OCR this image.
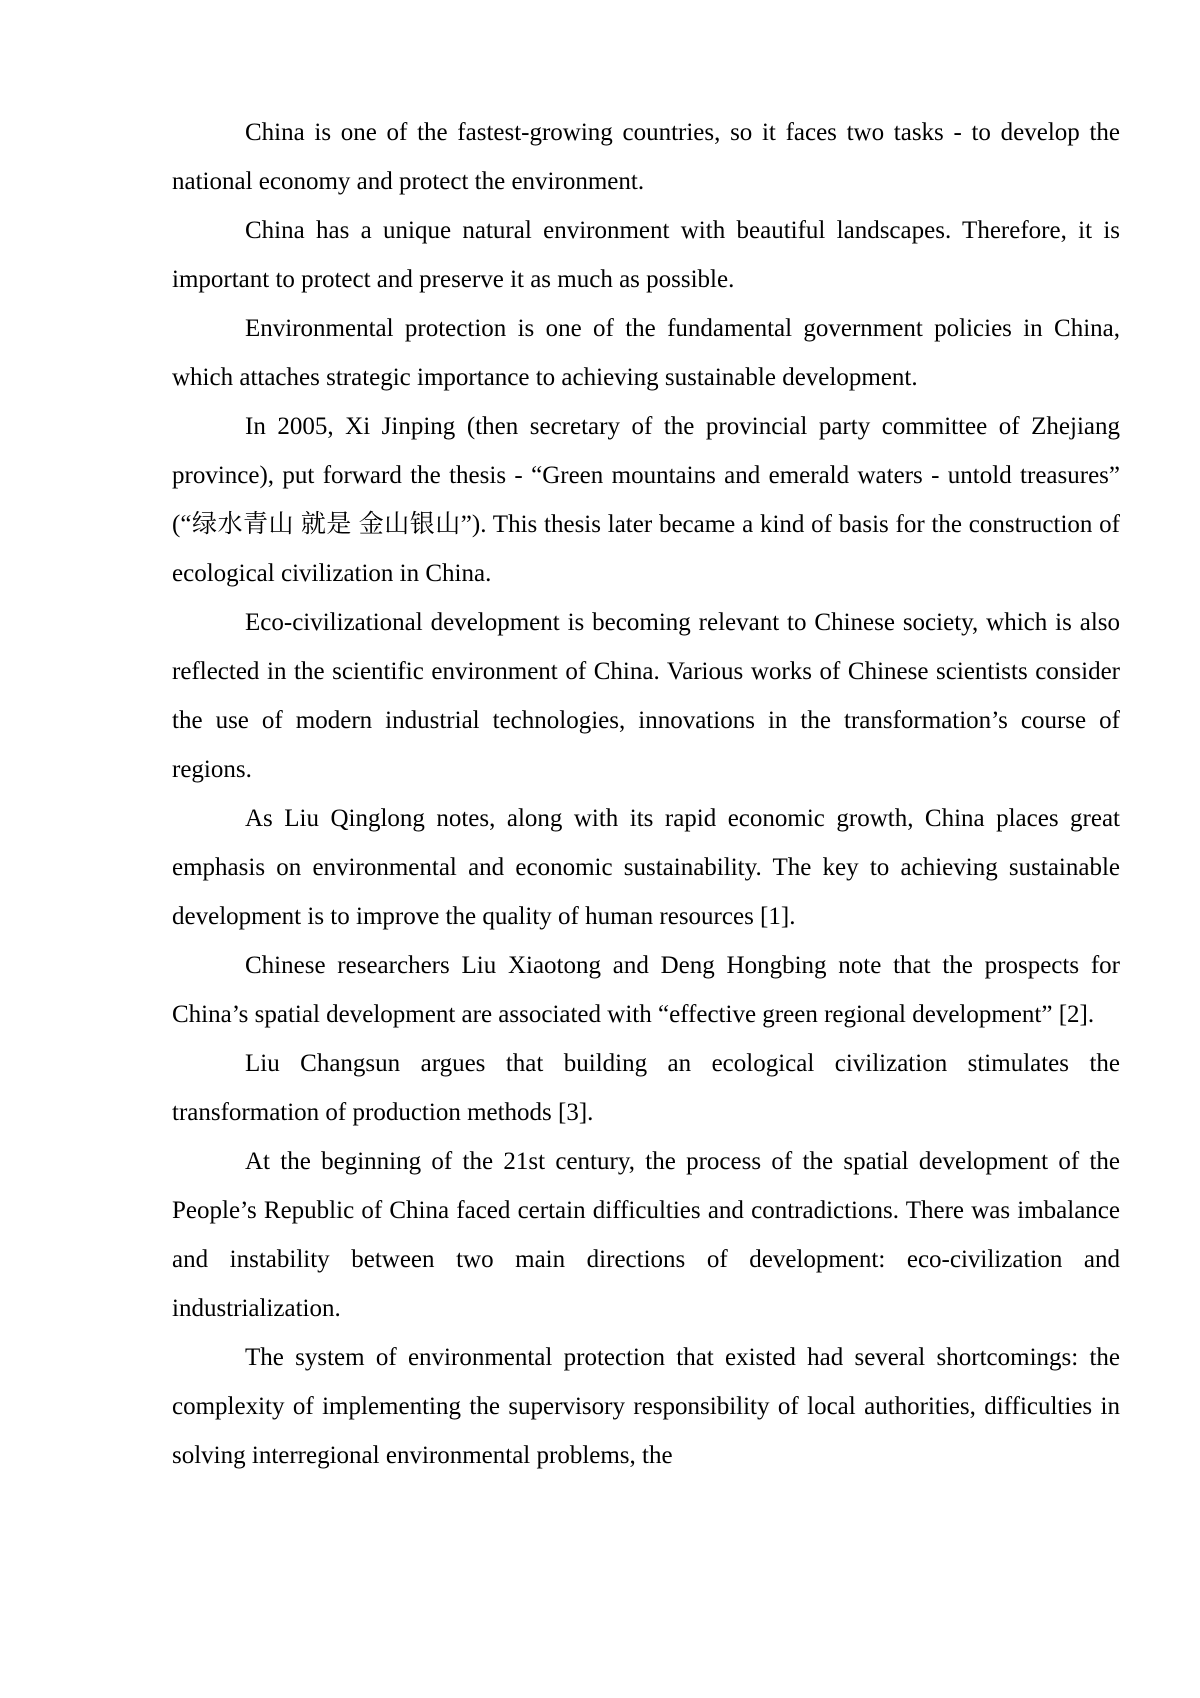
China is one of the fastest-growing countries, so it faces two tasks - to develop the national economy and protect the environment.

China has a unique natural environment with beautiful landscapes. Therefore, it is important to protect and preserve it as much as possible.

Environmental protection is one of the fundamental government policies in China, which attaches strategic importance to achieving sustainable development.

In 2005, Xi Jinping (then secretary of the provincial party committee of Zhejiang province), put forward the thesis - “Green mountains and emerald waters - untold treasures” (“绿水青山 就是 金山银山”). This thesis later became a kind of basis for the construction of ecological civilization in China.

Eco-civilizational development is becoming relevant to Chinese society, which is also reflected in the scientific environment of China. Various works of Chinese scientists consider the use of modern industrial technologies, innovations in the transformation’s course of regions.

As Liu Qinglong notes, along with its rapid economic growth, China places great emphasis on environmental and economic sustainability. The key to achieving sustainable development is to improve the quality of human resources [1].

Chinese researchers Liu Xiaotong and Deng Hongbing note that the prospects for China’s spatial development are associated with “effective green regional development” [2].

Liu Changsun argues that building an ecological civilization stimulates the transformation of production methods [3].

At the beginning of the 21st century, the process of the spatial development of the People’s Republic of China faced certain difficulties and contradictions. There was imbalance and instability between two main directions of development: eco-civilization and industrialization.

The system of environmental protection that existed had several shortcomings: the complexity of implementing the supervisory responsibility of local authorities, difficulties in solving interregional environmental problems, the
